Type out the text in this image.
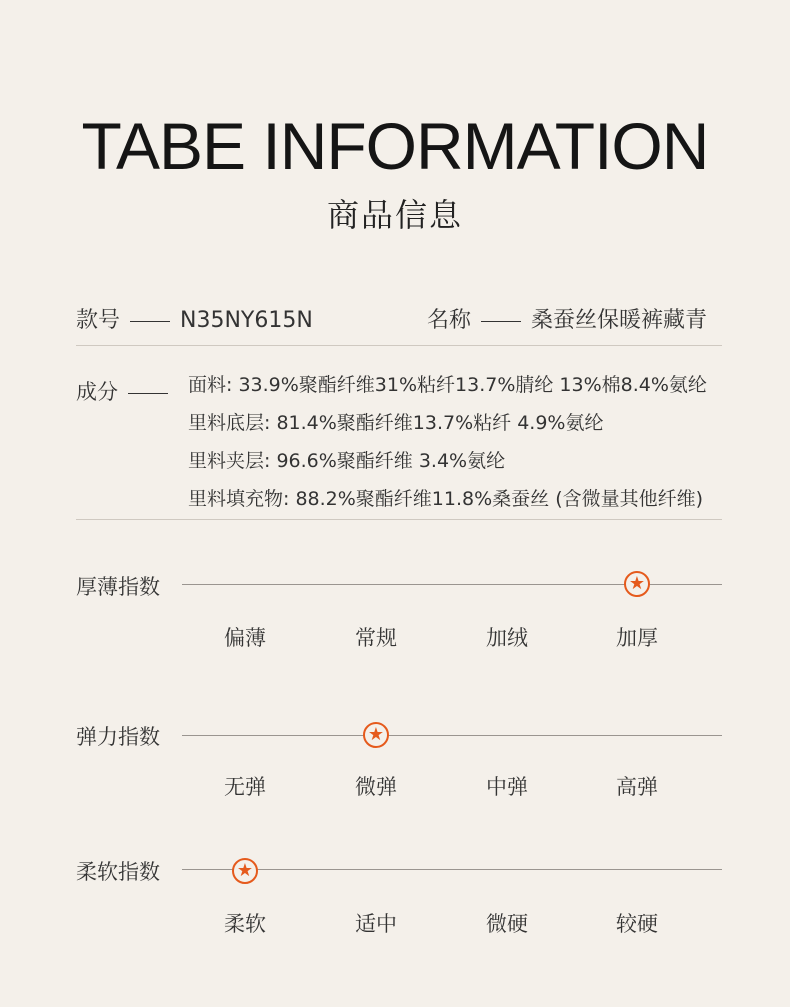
TABE INFORMATION
商品信息
款号	N35NY615N	名称	桑蚕丝保暖裤藏青
成分	面料: 33.9%聚酯纤维31%粘纤13.7%腈纶 13%棉8.4%氨纶
里料底层: 81.4%聚酯纤维13.7%粘纤 4.9%氨纶
里料夹层: 96.6%聚酯纤维 3.4%氨纶
里料填充物: 88.2%聚酯纤维11.8%桑蚕丝 (含微量其他纤维)
厚薄指数	★
偏薄	常规	加绒	加厚
弹力指数	★
无弹	微弹	中弹	高弹
柔软指数	★
柔软	适中	微硬	较硬
